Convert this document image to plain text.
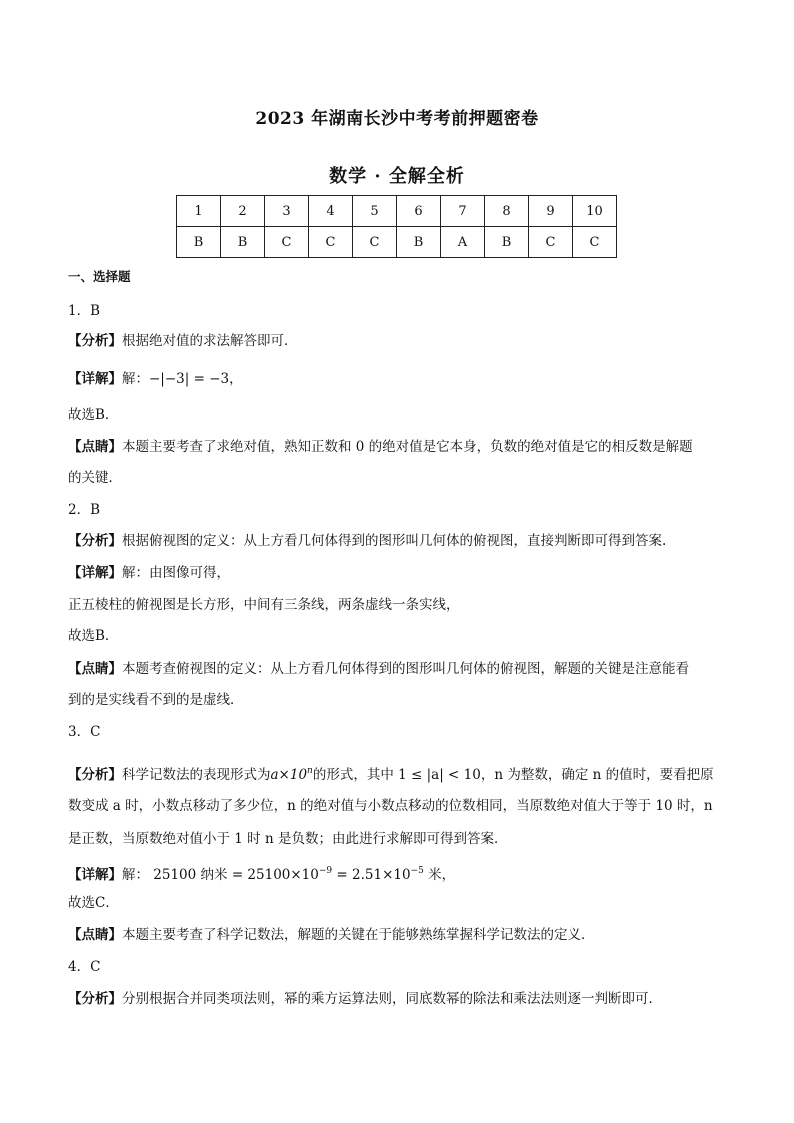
2023 年湖南长沙中考考前押题密卷
数学 · 全解全析
1	2	3	4	5	6	7	8	9	10
B	B	C	C	C	B	A	B	C	C
一、选择题
1．B
【分析】根据绝对值的求法解答即可．
【详解】解：−|−3| = −3，
故选B．
【点睛】本题主要考查了求绝对值，熟知正数和 0 的绝对值是它本身，负数的绝对值是它的相反数是解题
的关键．
2．B
【分析】根据俯视图的定义：从上方看几何体得到的图形叫几何体的俯视图，直接判断即可得到答案.
【详解】解：由图像可得，
正五棱柱的俯视图是长方形，中间有三条线，两条虚线一条实线，
故选B．
【点睛】本题考查俯视图的定义：从上方看几何体得到的图形叫几何体的俯视图，解题的关键是注意能看
到的是实线看不到的是虚线．
3．C
【分析】科学记数法的表现形式为$a\times 10^n$的形式，其中 1 ≤ |a| < 10，n 为整数，确定 n 的值时，要看把原
数变成 a 时，小数点移动了多少位，n 的绝对值与小数点移动的位数相同，当原数绝对值大于等于 10 时，n
是正数，当原数绝对值小于 1 时 n 是负数；由此进行求解即可得到答案．
【详解】解： 25100 纳米 = $25100\times 10^{-9} = 2.51\times 10^{-5}$ 米，
故选C．
【点睛】本题主要考查了科学记数法，解题的关键在于能够熟练掌握科学记数法的定义．
4．C
【分析】分别根据合并同类项法则，幂的乘方运算法则，同底数幂的除法和乘法法则逐一判断即可．
